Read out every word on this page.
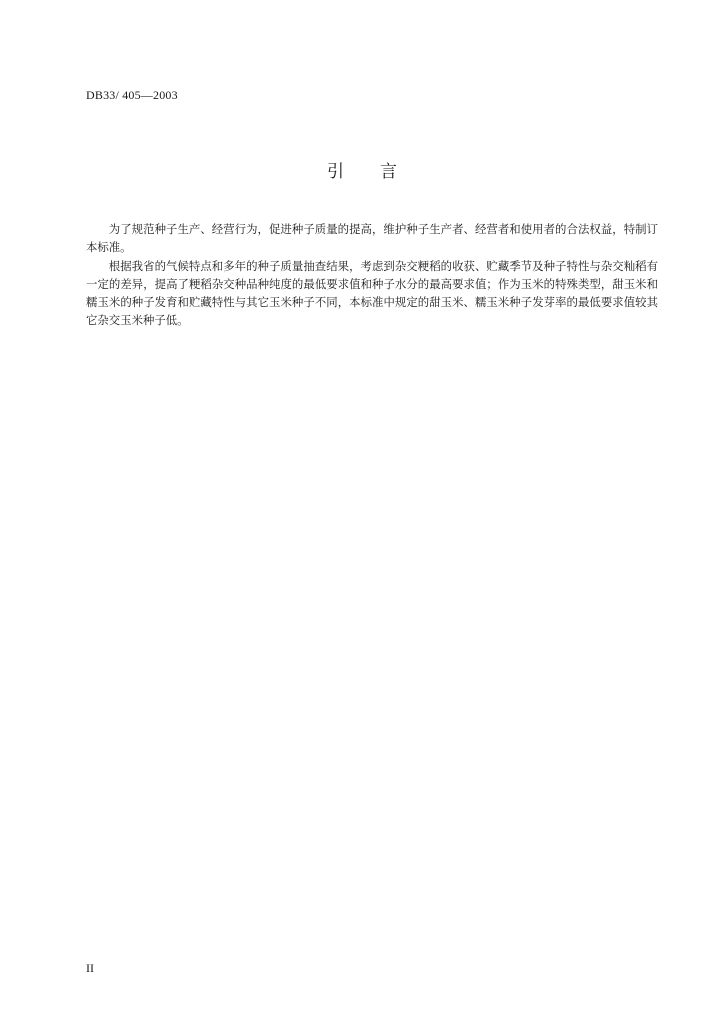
DB33/ 405—2003
引言

为了规范种子生产、经营行为，促进种子质量的提高，维护种子生产者、经营者和使用者的合法权益，特制订本标准。

根据我省的气候特点和多年的种子质量抽查结果，考虑到杂交粳稻的收获、贮藏季节及种子特性与杂交籼稻有一定的差异，提高了粳稻杂交种品种纯度的最低要求值和种子水分的最高要求值；作为玉米的特殊类型，甜玉米和糯玉米的种子发育和贮藏特性与其它玉米种子不同，本标准中规定的甜玉米、糯玉米种子发芽率的最低要求值较其它杂交玉米种子低。

II
